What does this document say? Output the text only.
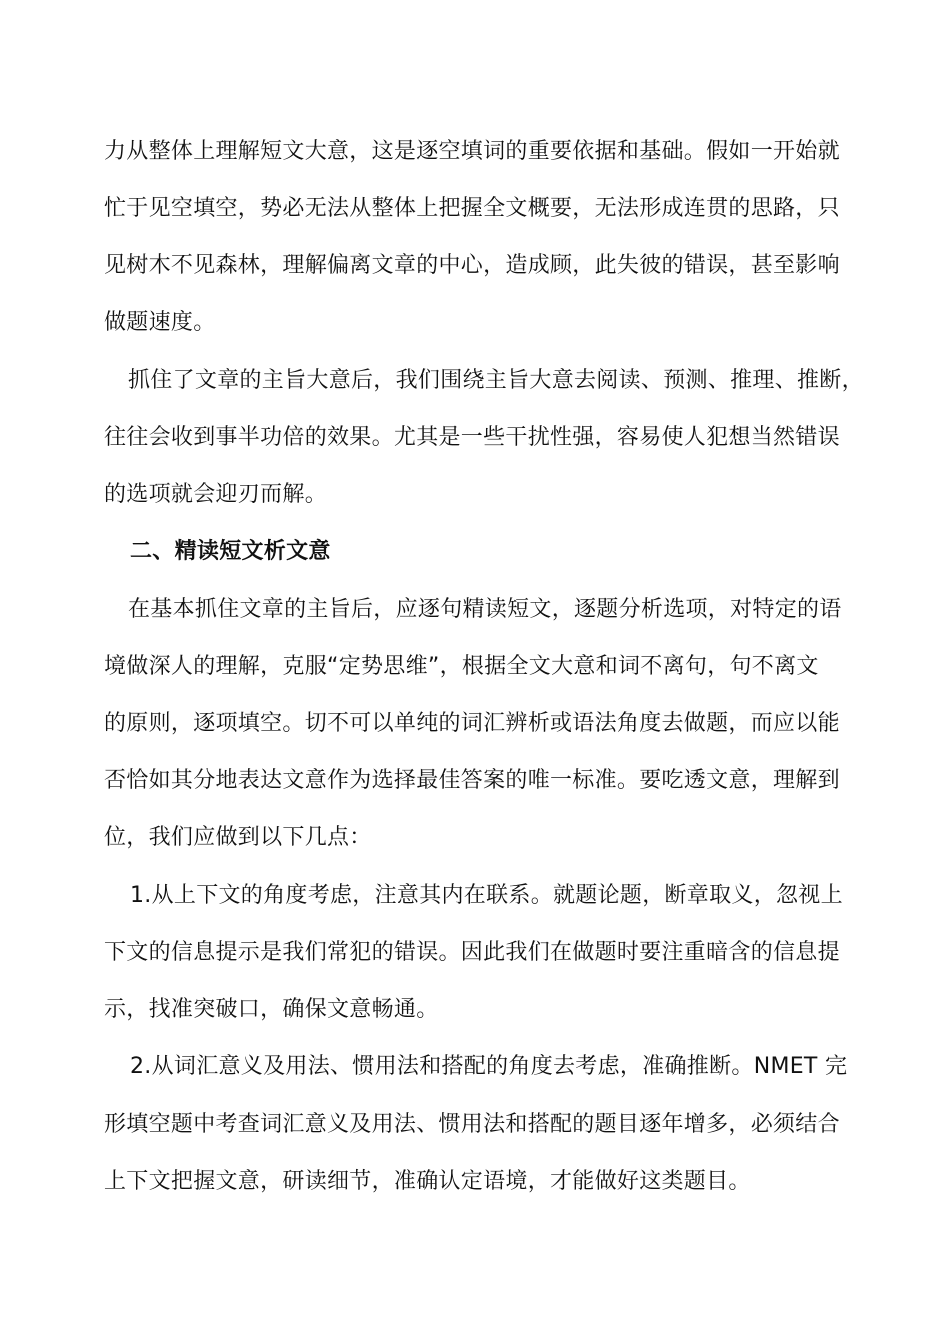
力从整体上理解短文大意，这是逐空填词的重要依据和基础。假如一开始就
忙于见空填空，势必无法从整体上把握全文概要，无法形成连贯的思路，只
见树木不见森林，理解偏离文章的中心，造成顾，此失彼的错误，甚至影响
做题速度。
抓住了文章的主旨大意后，我们围绕主旨大意去阅读、预测、推理、推断，
往往会收到事半功倍的效果。尤其是一些干扰性强，容易使人犯想当然错误
的选项就会迎刃而解。
二、精读短文析文意
在基本抓住文章的主旨后，应逐句精读短文，逐题分析选项，对特定的语
境做深人的理解，克服“定势思维”，根据全文大意和词不离句，句不离文
的原则，逐项填空。切不可以单纯的词汇辨析或语法角度去做题，而应以能
否恰如其分地表达文意作为选择最佳答案的唯一标准。要吃透文意，理解到
位，我们应做到以下几点：
1.从上下文的角度考虑，注意其内在联系。就题论题，断章取义，忽视上
下文的信息提示是我们常犯的错误。因此我们在做题时要注重暗含的信息提
示，找准突破口，确保文意畅通。
2.从词汇意义及用法、惯用法和搭配的角度去考虑，准确推断。NMET 完
形填空题中考查词汇意义及用法、惯用法和搭配的题目逐年增多，必须结合
上下文把握文意，研读细节，准确认定语境，才能做好这类题目。
